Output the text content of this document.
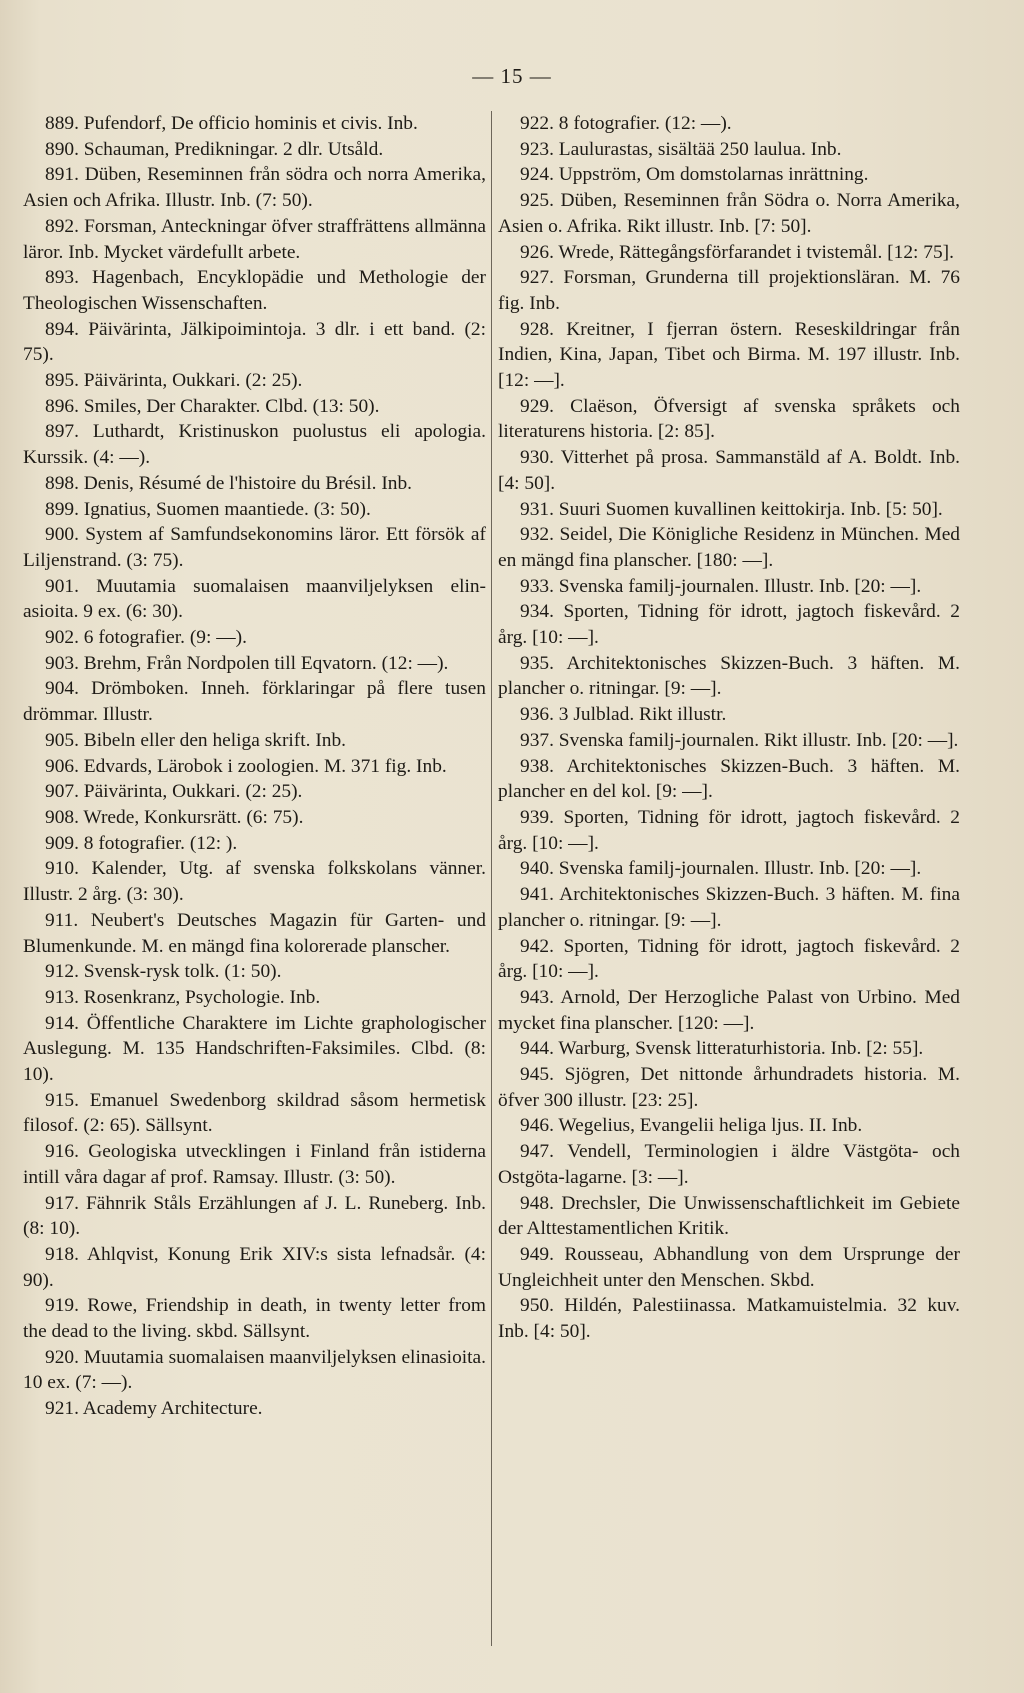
— 15 —

889. Pufendorf, De officio hominis et civis. Inb.

890. Schauman, Predikningar. 2 dlr. Utsåld.

891. Düben, Reseminnen från södra och norra Amerika, Asien och Afrika. Illustr. Inb. (7: 50).

892. Forsman, Anteckningar öfver straffrättens allmänna läror. Inb. Mycket värdefullt arbete.

893. Hagenbach, Encyklopädie und Methologie der Theologischen Wissenschaften.

894. Päivärinta, Jälkipoimintoja. 3 dlr. i ett band. (2: 75).

895. Päivärinta, Oukkari. (2: 25).

896. Smiles, Der Charakter. Clbd. (13: 50).

897. Luthardt, Kristinuskon puolustus eli apologia. Kurssik. (4: —).

898. Denis, Résumé de l'histoire du Brésil. Inb.

899. Ignatius, Suomen maantiede. (3: 50).

900. System af Samfundsekonomins läror. Ett försök af Liljenstrand. (3: 75).

901. Muutamia suomalaisen maanviljelyksen elin-asioita. 9 ex. (6: 30).

902. 6 fotografier. (9: —).

903. Brehm, Från Nordpolen till Eqvatorn. (12: —).

904. Drömboken. Inneh. förklaringar på flere tusen drömmar. Illustr.

905. Bibeln eller den heliga skrift. Inb.

906. Edvards, Lärobok i zoologien. M. 371 fig. Inb.

907. Päivärinta, Oukkari. (2: 25).

908. Wrede, Konkursrätt. (6: 75).

909. 8 fotografier. (12: ).

910. Kalender, Utg. af svenska folkskolans vänner. Illustr. 2 årg. (3: 30).

911. Neubert's Deutsches Magazin für Garten- und Blumenkunde. M. en mängd fina kolorerade planscher.

912. Svensk-rysk tolk. (1: 50).

913. Rosenkranz, Psychologie. Inb.

914. Öffentliche Charaktere im Lichte graphologischer Auslegung. M. 135 Handschriften-Faksimiles. Clbd. (8: 10).

915. Emanuel Swedenborg skildrad såsom hermetisk filosof. (2: 65). Sällsynt.

916. Geologiska utvecklingen i Finland från istiderna intill våra dagar af prof. Ramsay. Illustr. (3: 50).

917. Fähnrik Ståls Erzählungen af J. L. Runeberg. Inb. (8: 10).

918. Ahlqvist, Konung Erik XIV:s sista lefnadsår. (4: 90).

919. Rowe, Friendship in death, in twenty letter from the dead to the living. skbd. Sällsynt.

920. Muutamia suomalaisen maanviljelyksen elinasioita. 10 ex. (7: —).

921. Academy Architecture.

922. 8 fotografier. (12: —).

923. Laulurastas, sisältää 250 laulua. Inb.

924. Uppström, Om domstolarnas inrättning.

925. Düben, Reseminnen från Södra o. Norra Amerika, Asien o. Afrika. Rikt illustr. Inb. [7: 50].

926. Wrede, Rättegångsförfarandet i tvistemål. [12: 75].

927. Forsman, Grunderna till projektionsläran. M. 76 fig. Inb.

928. Kreitner, I fjerran östern. Reseskildringar från Indien, Kina, Japan, Tibet och Birma. M. 197 illustr. Inb. [12: —].

929. Claëson, Öfversigt af svenska språkets och literaturens historia. [2: 85].

930. Vitterhet på prosa. Sammanstäld af A. Boldt. Inb. [4: 50].

931. Suuri Suomen kuvallinen keittokirja. Inb. [5: 50].

932. Seidel, Die Königliche Residenz in München. Med en mängd fina planscher. [180: —].

933. Svenska familj-journalen. Illustr. Inb. [20: —].

934. Sporten, Tidning för idrott, jagtoch fiskevård. 2 årg. [10: —].

935. Architektonisches Skizzen-Buch. 3 häften. M. plancher o. ritningar. [9: —].

936. 3 Julblad. Rikt illustr.

937. Svenska familj-journalen. Rikt illustr. Inb. [20: —].

938. Architektonisches Skizzen-Buch. 3 häften. M. plancher en del kol. [9: —].

939. Sporten, Tidning för idrott, jagtoch fiskevård. 2 årg. [10: —].

940. Svenska familj-journalen. Illustr. Inb. [20: —].

941. Architektonisches Skizzen-Buch. 3 häften. M. fina plancher o. ritningar. [9: —].

942. Sporten, Tidning för idrott, jagtoch fiskevård. 2 årg. [10: —].

943. Arnold, Der Herzogliche Palast von Urbino. Med mycket fina planscher. [120: —].

944. Warburg, Svensk litteraturhistoria. Inb. [2: 55].

945. Sjögren, Det nittonde århundradets historia. M. öfver 300 illustr. [23: 25].

946. Wegelius, Evangelii heliga ljus. II. Inb.

947. Vendell, Terminologien i äldre Västgöta- och Ostgöta-lagarne. [3: —].

948. Drechsler, Die Unwissenschaftlichkeit im Gebiete der Alttestamentlichen Kritik.

949. Rousseau, Abhandlung von dem Ursprunge der Ungleichheit unter den Menschen. Skbd.

950. Hildén, Palestiinassa. Matkamuistelmia. 32 kuv. Inb. [4: 50].
